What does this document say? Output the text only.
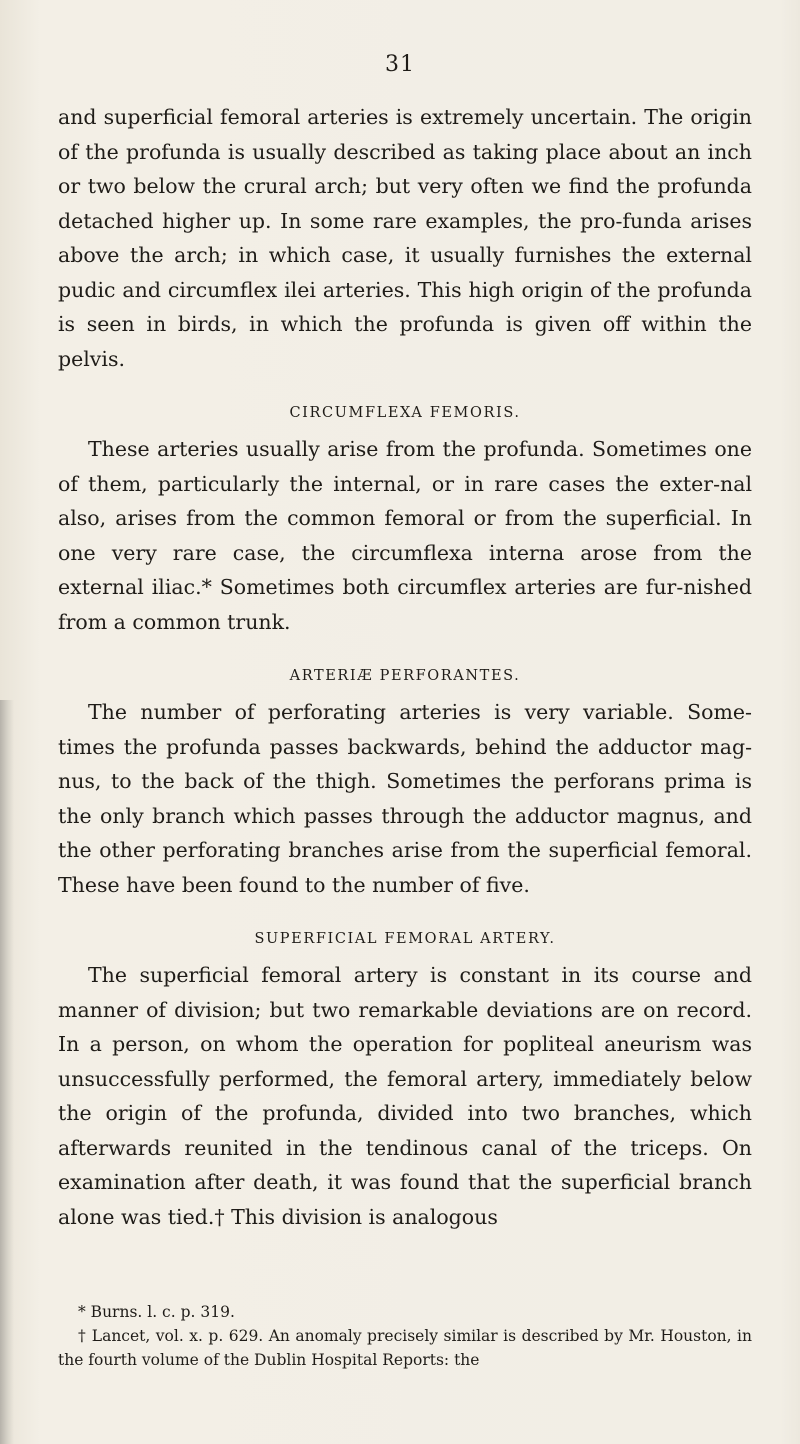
31

and superficial femoral arteries is extremely uncertain. The origin of the profunda is usually described as taking place about an inch or two below the crural arch; but very often we find the profunda detached higher up. In some rare examples, the pro-funda arises above the arch; in which case, it usually furnishes the external pudic and circumflex ilei arteries. This high origin of the profunda is seen in birds, in which the profunda is given off within the pelvis.

CIRCUMFLEXA FEMORIS.

These arteries usually arise from the profunda. Sometimes one of them, particularly the internal, or in rare cases the exter-nal also, arises from the common femoral or from the superficial. In one very rare case, the circumflexa interna arose from the external iliac.* Sometimes both circumflex arteries are fur-nished from a common trunk.

ARTERIÆ PERFORANTES.

The number of perforating arteries is very variable. Some-times the profunda passes backwards, behind the adductor mag-nus, to the back of the thigh. Sometimes the perforans prima is the only branch which passes through the adductor magnus, and the other perforating branches arise from the superficial femoral. These have been found to the number of five.

SUPERFICIAL FEMORAL ARTERY.

The superficial femoral artery is constant in its course and manner of division; but two remarkable deviations are on record. In a person, on whom the operation for popliteal aneurism was unsuccessfully performed, the femoral artery, immediately below the origin of the profunda, divided into two branches, which afterwards reunited in the tendinous canal of the triceps. On examination after death, it was found that the superficial branch alone was tied.† This division is analogous

* Burns. l. c. p. 319.

† Lancet, vol. x. p. 629. An anomaly precisely similar is described by Mr. Houston, in the fourth volume of the Dublin Hospital Reports: the
